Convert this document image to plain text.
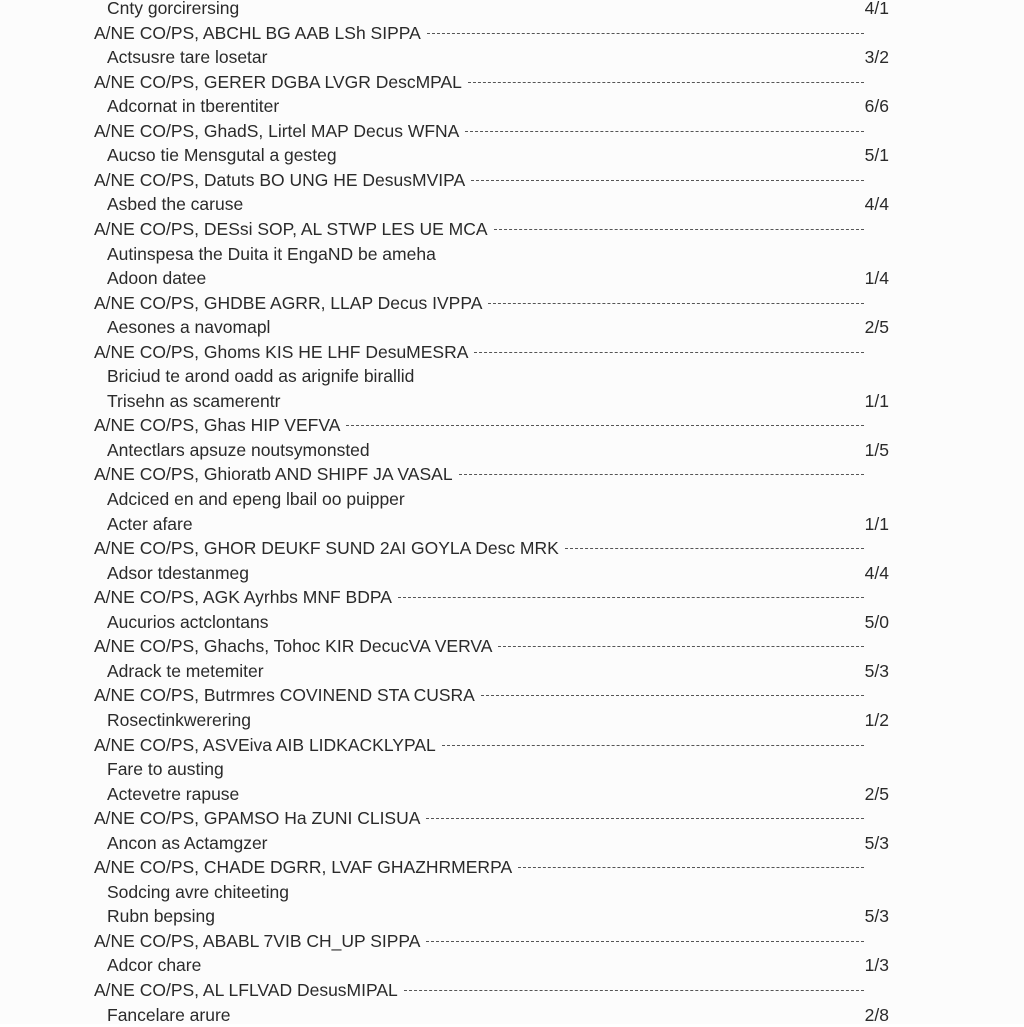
Cnty gorcirersing	4/1
A/NE CO/PS, ABCHL BG AAB LSh SIPPA
Actsusre tare losetar	3/2
A/NE CO/PS, GERER DGBA LVGR DescMPAL
Adcornat in tberentiter	6/6
A/NE CO/PS, GhadS, Lirtel MAP Decus WFNA
Aucso tie Mensgutal a gesteg	5/1
A/NE CO/PS, Datuts BO UNG HE DesusMVIPA
Asbed the caruse	4/4
A/NE CO/PS, DESsi SOP, AL STWP LES UE MCA
Autinspesa the Duita it EngaND be ameha
Adoon datee	1/4
A/NE CO/PS, GHDBE AGRR, LLAP Decus IVPPA
Aesones a navomapl	2/5
A/NE CO/PS, Ghoms KIS HE LHF DesuMESRA
Briciud te arond oadd as arignife birallid
Trisehn as scamerentr	1/1
A/NE CO/PS, Ghas HIP VEFVA
Antectlars apsuze noutsymonsted	1/5
A/NE CO/PS, Ghioratb AND SHIPF JA VASAL
Adciced en and epeng lbail oo puipper
Acter afare	1/1
A/NE CO/PS, GHOR DEUKF SUND 2AI GOYLA Desc MRK
Adsor tdestanmeg	4/4
A/NE CO/PS, AGK Ayrhbs MNF BDPA
Aucurios actclontans	5/0
A/NE CO/PS, Ghachs, Tohoc KIR DecucVA VERVA
Adrack te metemiter	5/3
A/NE CO/PS, Butrmres COVINEND STA CUSRA
Rosectinkwerering	1/2
A/NE CO/PS, ASVEiva AIB LIDKACKLYPAL
Fare to austing
Actevetre rapuse	2/5
A/NE CO/PS, GPAMSO Ha ZUNI CLISUA
Ancon as Actamgzer	5/3
A/NE CO/PS, CHADE DGRR, LVAF GHAZHRMERPA
Sodcing avre chiteeting
Rubn bepsing	5/3
A/NE CO/PS, ABABL 7VIB CH_UP SIPPA
Adcor chare	1/3
A/NE CO/PS, AL LFLVAD DesusMIPAL
Fancelare arure	2/8
